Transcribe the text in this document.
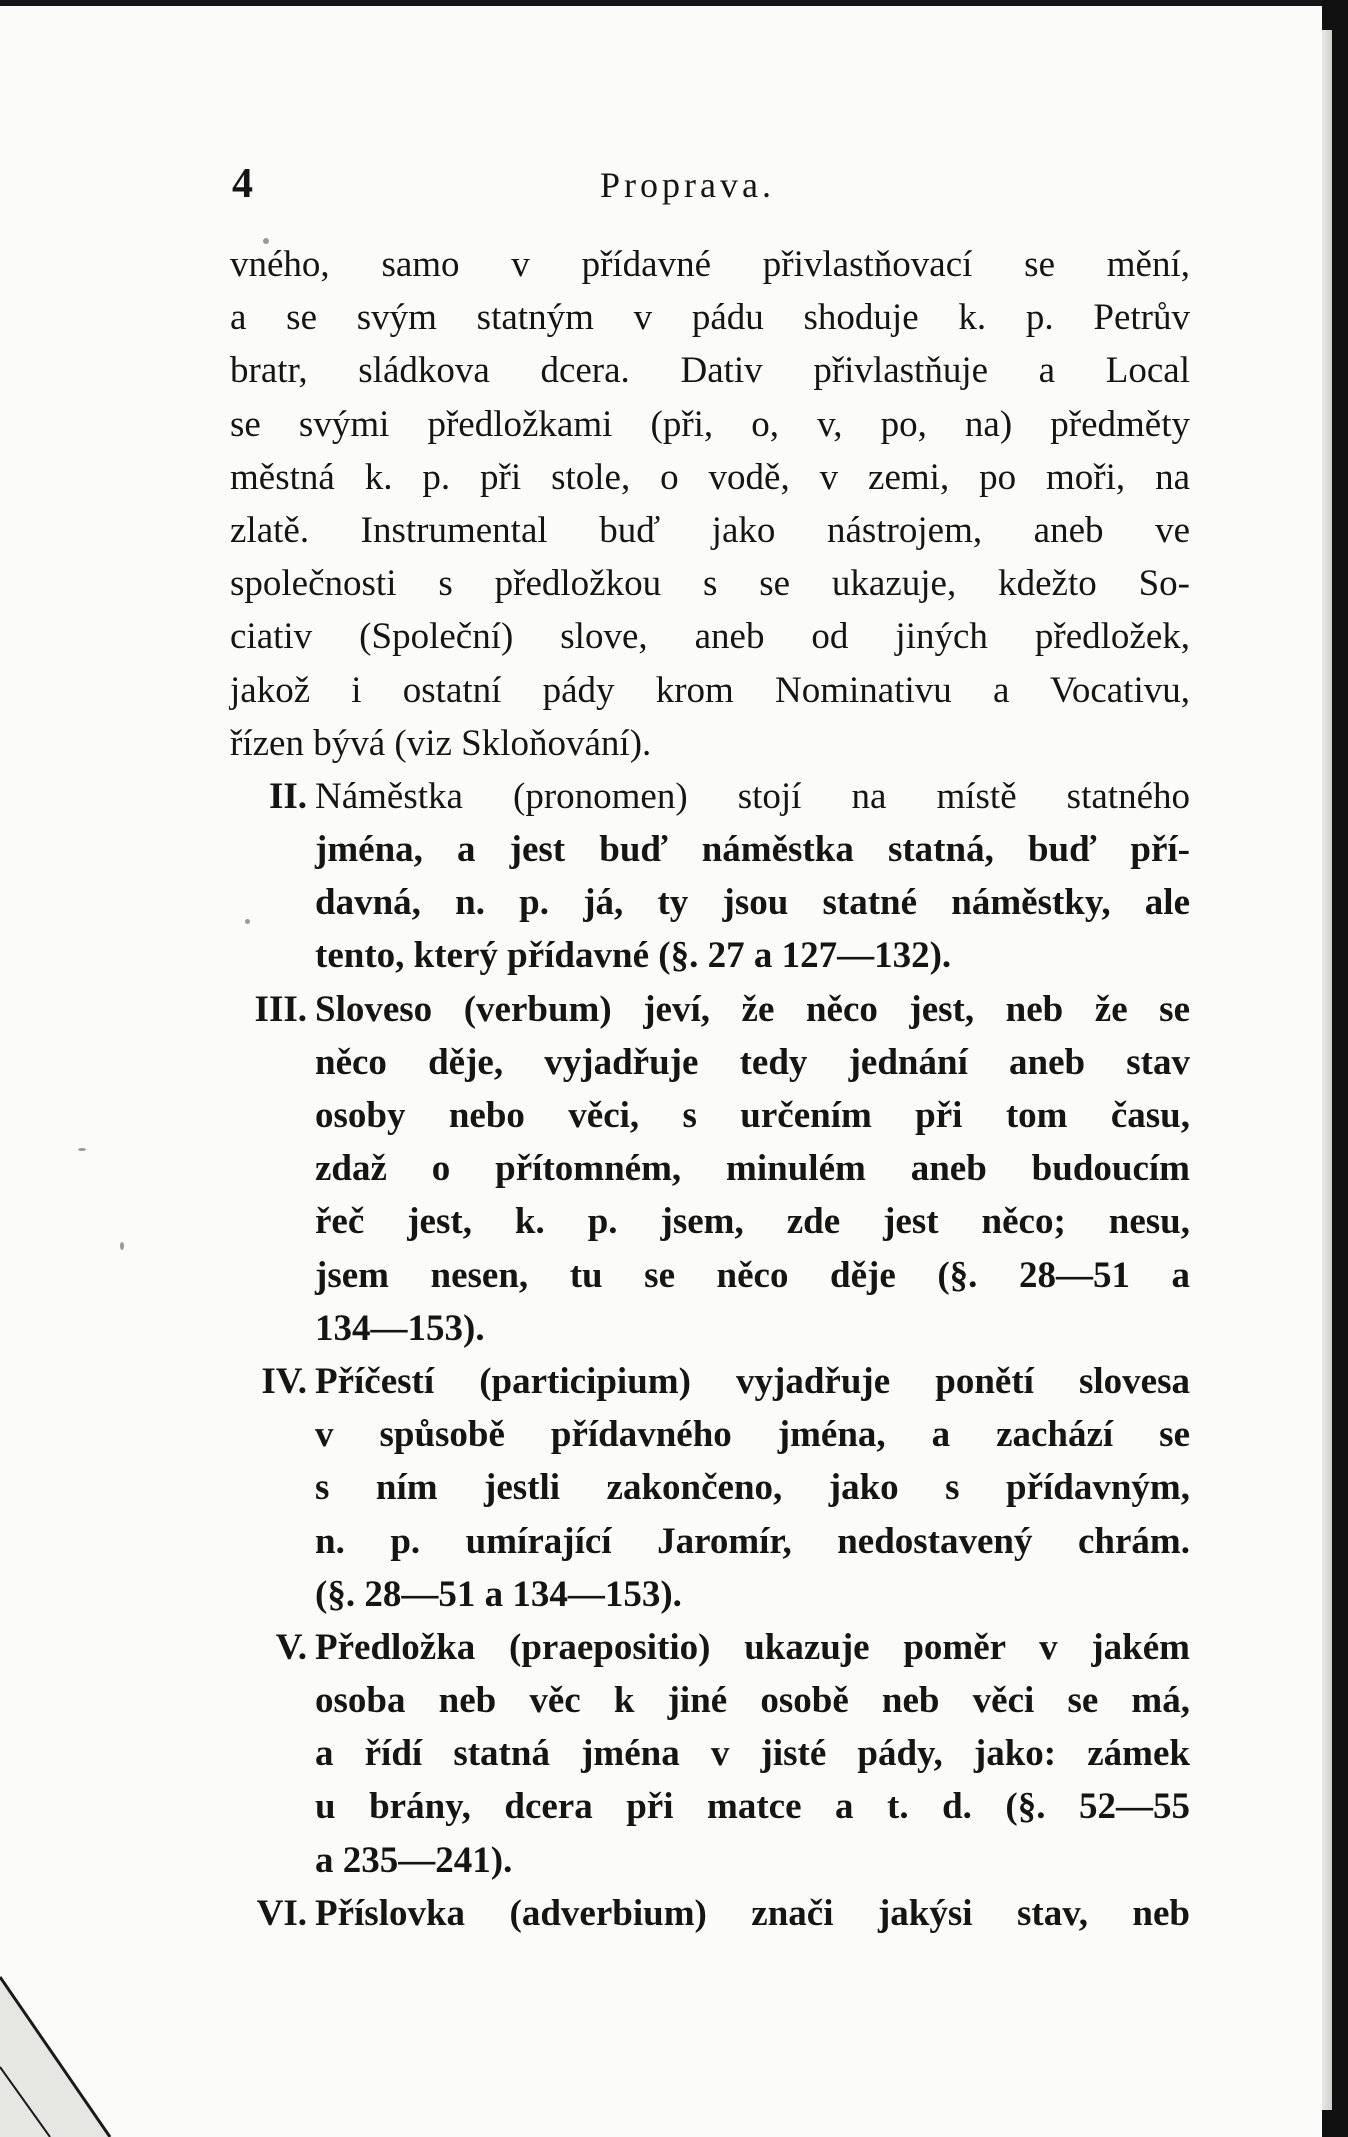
4	Proprava.
vného, samo v přídavné přivlastňovací se mění,
a se svým statným v pádu shoduje k. p. Petrův
bratr, sládkova dcera. Dativ přivlastňuje a Local
se svými předložkami (při, o, v, po, na) předměty
městná k. p. při stole, o vodě, v zemi, po moři, na
zlatě. Instrumental buď jako nástrojem, aneb ve
společnosti s předložkou s se ukazuje, kdežto So-
ciativ (Společní) slove, aneb od jiných předložek,
jakož i ostatní pády krom Nominativu a Vocativu,
řízen bývá (viz Skloňování).
II. Náměstka (pronomen) stojí na místě statného
jména, a jest buď náměstka statná, buď pří-
davná, n. p. já, ty jsou statné náměstky, ale
tento, který přídavné (§. 27 a 127—132).
III. Sloveso (verbum) jeví, že něco jest, neb že se
něco děje, vyjadřuje tedy jednání aneb stav
osoby nebo věci, s určením při tom času,
zdaž o přítomném, minulém aneb budoucím
řeč jest, k. p. jsem, zde jest něco; nesu,
jsem nesen, tu se něco děje (§. 28—51 a
134—153).
IV. Příčestí (participium) vyjadřuje ponětí slovesa
v spůsobě přídavného jména, a zachází se
s ním jestli zakončeno, jako s přídavným,
n. p. umírající Jaromír, nedostavený chrám.
(§. 28—51 a 134—153).
V. Předložka (praepositio) ukazuje poměr v jakém
osoba neb věc k jiné osobě neb věci se má,
a řídí statná jména v jisté pády, jako: zámek
u brány, dcera při matce a t. d. (§. 52—55
a 235—241).
VI. Příslovka (adverbium) znači jakýsi stav, neb
